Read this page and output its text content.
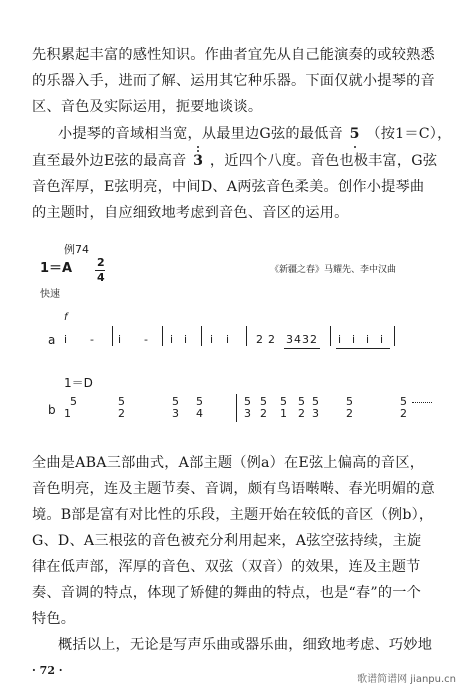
先积累起丰富的感性知识。作曲者宜先从自己能演奏的或较熟悉
的乐器入手，进而了解、运用其它种乐器。下面仅就小提琴的音
区、音色及实际运用，扼要地谈谈。
小提琴的音域相当宽，从最里边G弦的最低音 5 （按1＝C），
直至最外边E弦的最高音 3 ，近四个八度。音色也极丰富，G弦
音色浑厚，E弦明亮，中间D、A两弦音色柔美。创作小提琴曲
的主题时，自应细致地考虑到音色、音区的运用。
例74
1＝A 2
4
《新疆之春》马耀先、李中汉曲
快速
a
f
i - i - i i i i 2 2 3 4 3 2 i i i i
1＝D
b
5
1
5
2
5 5
3 4
5
3
5 5
2 1
5 5
2 3
5
2
5
2
全曲是ABA三部曲式，A部主题（例a）在E弦上偏高的音区，
音色明亮，连及主题节奏、音调，颇有鸟语啭啭、春光明媚的意
境。B部是富有对比性的乐段，主题开始在较低的音区（例b），
G、D、A三根弦的音色被充分利用起来，A弦空弦持续，主旋
律在低声部，浑厚的音色、双弦（双音）的效果，连及主题节
奏、音调的特点，体现了矫健的舞曲的特点，也是“春”的一个
特色。
概括以上，无论是写声乐曲或器乐曲，细致地考虑、巧妙地
· 72 ·
歌谱简谱网 jianpu.cn
